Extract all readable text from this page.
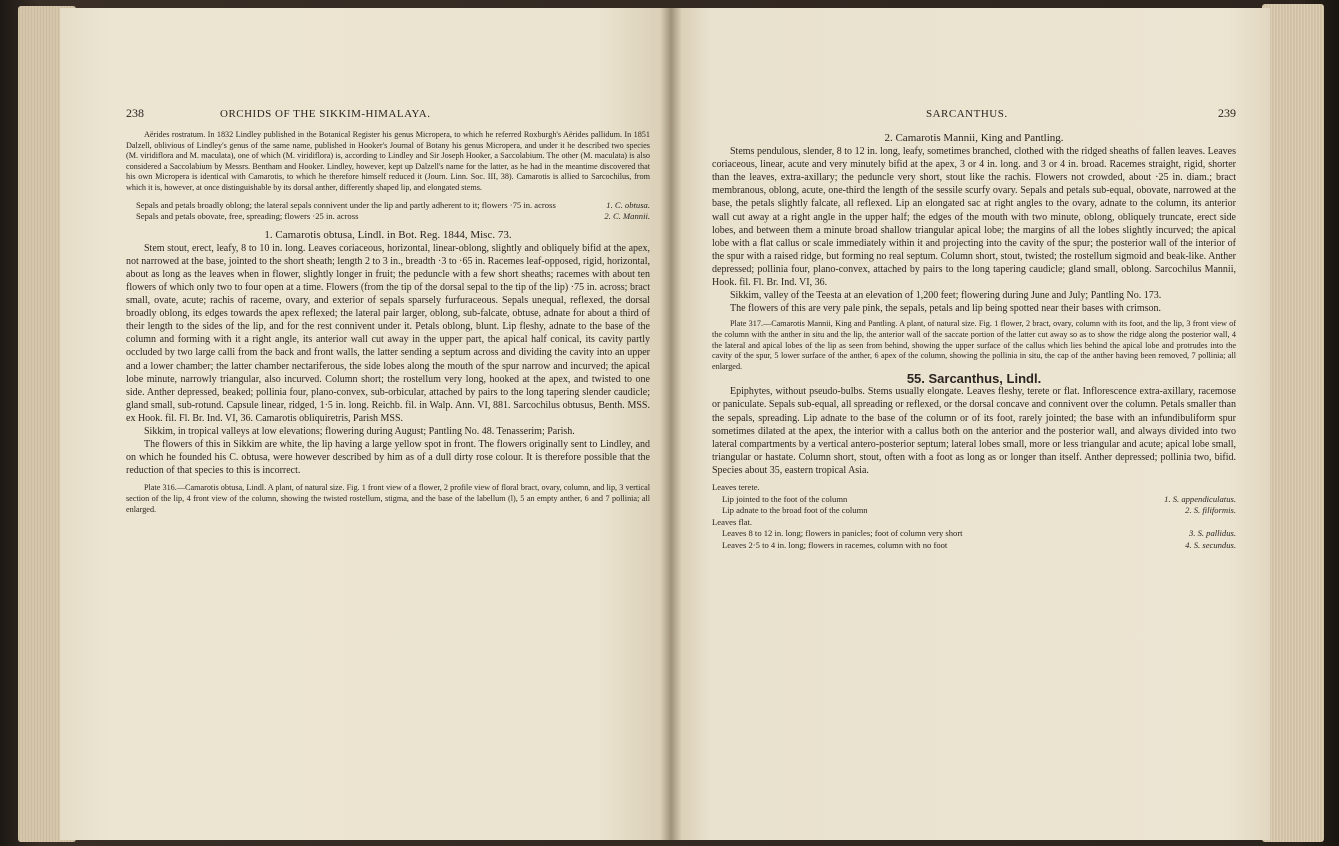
238	ORCHIDS OF THE SIKKIM-HIMALAYA.

Aërides rostratum. In 1832 Lindley published in the Botanical Register his genus Micropera, to which he referred Roxburgh's Aërides pallidum. In 1851 Dalzell, oblivious of Lindley's genus of the same name, published in Hooker's Journal of Botany his genus Micropera, and under it he described two species (M. viridiflora and M. maculata), one of which (M. viridiflora) is, according to Lindley and Sir Joseph Hooker, a Saccolabium. The other (M. maculata) is also considered a Saccolabium by Messrs. Bentham and Hooker. Lindley, however, kept up Dalzell's name for the latter, as he had in the meantime discovered that his own Micropera is identical with Camarotis, to which he therefore himself reduced it (Journ. Linn. Soc. III, 38). Camarotis is allied to Sarcochilus, from which it is, however, at once distinguishable by its dorsal anther, differently shaped lip, and elongated stems.

Sepals and petals broadly oblong; the lateral sepals connivent under the lip and partly adherent to it; flowers ·75 in. across	1. C. obtusa.
Sepals and petals obovate, free, spreading; flowers ·25 in. across	2. C. Mannii.

1. Camarotis obtusa, Lindl. in Bot. Reg. 1844, Misc. 73.

Stem stout, erect, leafy, 8 to 10 in. long. Leaves coriaceous, horizontal, linear-oblong, slightly and obliquely bifid at the apex, not narrowed at the base, jointed to the short sheath; length 2 to 3 in., breadth ·3 to ·65 in. Racemes leaf-opposed, rigid, horizontal, about as long as the leaves when in flower, slightly longer in fruit; the peduncle with a few short sheaths; racemes with about ten flowers of which only two to four open at a time. Flowers (from the tip of the dorsal sepal to the tip of the lip) ·75 in. across; bract small, ovate, acute; rachis of raceme, ovary, and exterior of sepals sparsely furfuraceous. Sepals unequal, reflexed, the dorsal broadly oblong, its edges towards the apex reflexed; the lateral pair larger, oblong, sub-falcate, obtuse, adnate for about a third of their length to the sides of the lip, and for the rest connivent under it. Petals oblong, blunt. Lip fleshy, adnate to the base of the column and forming with it a right angle, its anterior wall cut away in the upper part, the apical half conical, its cavity partly occluded by two large calli from the back and front walls, the latter sending a septum across and dividing the cavity into an upper and a lower chamber; the latter chamber nectariferous, the side lobes along the mouth of the spur narrow and incurved; the apical lobe minute, narrowly triangular, also incurved. Column short; the rostellum very long, hooked at the apex, and twisted to one side. Anther depressed, beaked; pollinia four, plano-convex, sub-orbicular, attached by pairs to the long tapering slender caudicle; gland small, sub-rotund. Capsule linear, ridged, 1·5 in. long. Reichb. fil. in Walp. Ann. VI, 881. Sarcochilus obtusus, Benth. MSS. ex Hook. fil. Fl. Br. Ind. VI, 36. Camarotis obliquiretris, Parish MSS.

Sikkim, in tropical valleys at low elevations; flowering during August; Pantling No. 48. Tenasserim; Parish.

The flowers of this in Sikkim are white, the lip having a large yellow spot in front. The flowers originally sent to Lindley, and on which he founded his C. obtusa, were however described by him as of a dull dirty rose colour. It is therefore possible that the reduction of that species to this is incorrect.

Plate 316.—Camarotis obtusa, Lindl. A plant, of natural size. Fig. 1 front view of a flower, 2 profile view of floral bract, ovary, column, and lip, 3 vertical section of the lip, 4 front view of the column, showing the twisted rostellum, stigma, and the base of the labellum (l), 5 an empty anther, 6 and 7 pollinia; all enlarged.

SARCANTHUS.	239

2. Camarotis Mannii, King and Pantling.

Stems pendulous, slender, 8 to 12 in. long, leafy, sometimes branched, clothed with the ridged sheaths of fallen leaves. Leaves coriaceous, linear, acute and very minutely bifid at the apex, 3 or 4 in. long. and 3 or 4 in. broad. Racemes straight, rigid, shorter than the leaves, extra-axillary; the peduncle very short, stout like the rachis. Flowers not crowded, about ·25 in. diam.; bract membranous, oblong, acute, one-third the length of the sessile scurfy ovary. Sepals and petals sub-equal, obovate, narrowed at the base, the petals slightly falcate, all reflexed. Lip an elongated sac at right angles to the ovary, adnate to the column, its anterior wall cut away at a right angle in the upper half; the edges of the mouth with two minute, oblong, obliquely truncate, erect side lobes, and between them a minute broad shallow triangular apical lobe; the margins of all the lobes slightly incurved; the apical lobe with a flat callus or scale immediately within it and projecting into the cavity of the spur; the posterior wall of the interior of the spur with a raised ridge, but forming no real septum. Column short, stout, twisted; the rostellum sigmoid and beak-like. Anther depressed; pollinia four, plano-convex, attached by pairs to the long tapering caudicle; gland small, oblong. Sarcochilus Mannii, Hook. fil. Fl. Br. Ind. VI, 36.

Sikkim, valley of the Teesta at an elevation of 1,200 feet; flowering during June and July; Pantling No. 173.

The flowers of this are very pale pink, the sepals, petals and lip being spotted near their bases with crimson.

Plate 317.—Camarotis Mannii, King and Pantling. A plant, of natural size. Fig. 1 flower, 2 bract, ovary, column with its foot, and the lip, 3 front view of the column with the anther in situ and the lip, the anterior wall of the saccate portion of the latter cut away so as to show the ridge along the posterior wall, 4 the lateral and apical lobes of the lip as seen from behind, showing the upper surface of the callus which lies behind the apical lobe and protrudes into the cavity of the spur, 5 lower surface of the anther, 6 apex of the column, showing the pollinia in situ, the cap of the anther having been removed, 7 pollinia; all enlarged.

55. Sarcanthus, Lindl.

Epiphytes, without pseudo-bulbs. Stems usually elongate. Leaves fleshy, terete or flat. Inflorescence extra-axillary, racemose or paniculate. Sepals sub-equal, all spreading or reflexed, or the dorsal concave and connivent over the column. Petals smaller than the sepals, spreading. Lip adnate to the base of the column or of its foot, rarely jointed; the base with an infundibuliform spur sometimes dilated at the apex, the interior with a callus both on the anterior and the posterior wall, and always divided into two lateral compartments by a vertical antero-posterior septum; lateral lobes small, more or less triangular and acute; apical lobe small, triangular or hastate. Column short, stout, often with a foot as long as or longer than itself. Anther depressed; pollinia two, bifid. Species about 35, eastern tropical Asia.

Leaves terete.
Lip jointed to the foot of the column	1. S. appendiculatus.
Lip adnate to the broad foot of the column	2. S. filiformis.
Leaves flat.
Leaves 8 to 12 in. long; flowers in panicles; foot of column very short	3. S. pallidus.
Leaves 2·5 to 4 in. long; flowers in racemes, column with no foot	4. S. secundus.
